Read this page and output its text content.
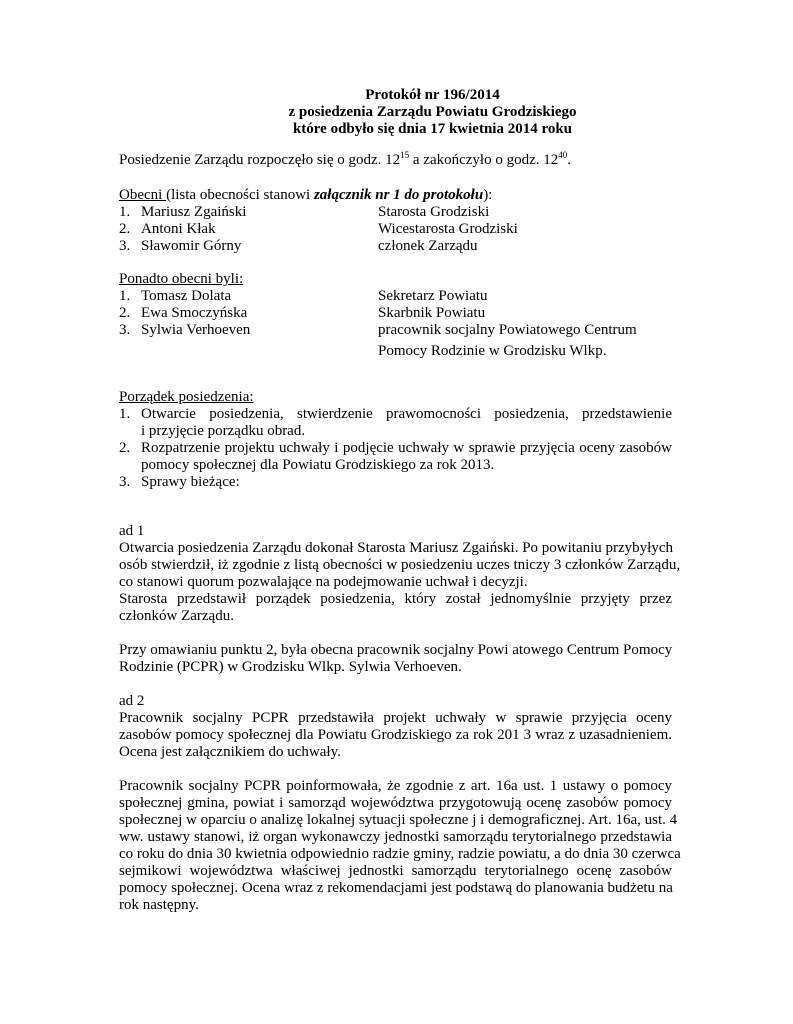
Protokół nr 196/2014
z posiedzenia Zarządu Powiatu Grodziskiego
które odbyło się dnia 17 kwietnia 2014 roku
Posiedzenie Zarządu rozpoczęło się o godz. $12^{15}$ a zakończyło o godz. $12^{40}$.
Obecni (lista obecności stanowi załącznik nr 1 do protokołu):
1. Mariusz Zgaiński	Starosta Grodziski
2. Antoni Kłak	Wicestarosta Grodziski
3. Sławomir Górny	członek Zarządu
Ponadto obecni byli:
1. Tomasz Dolata	Sekretarz Powiatu
2. Ewa Smoczyńska	Skarbnik Powiatu
3. Sylwia Verhoeven	pracownik socjalny Powiatowego Centrum
Pomocy Rodzinie w Grodzisku Wlkp.
Porządek posiedzenia:
1. Otwarcie posiedzenia, stwierdzenie prawomocności posiedzenia, przedstawienie
i przyjęcie porządku obrad.
2. Rozpatrzenie projektu uchwały i podjęcie uchwały w sprawie przyjęcia oceny zasobów
pomocy społecznej dla Powiatu Grodziskiego za rok 2013.
3. Sprawy bieżące:
ad 1
Otwarcia posiedzenia Zarządu dokonał Starosta Mariusz Zgaiński. Po powitaniu przybyłych
osób stwierdził, iż zgodnie z listą obecności w posiedzeniu uczes tniczy 3 członków Zarządu,
co stanowi quorum pozwalające na podejmowanie uchwał i decyzji.
Starosta przedstawił porządek posiedzenia, który został jednomyślnie przyjęty przez
członków Zarządu.
Przy omawianiu punktu 2, była obecna pracownik socjalny Powi atowego Centrum Pomocy
Rodzinie (PCPR) w Grodzisku Wlkp. Sylwia Verhoeven.
ad 2
Pracownik socjalny PCPR przedstawiła projekt uchwały w sprawie przyjęcia oceny
zasobów pomocy społecznej dla Powiatu Grodziskiego za rok 201 3 wraz z uzasadnieniem.
Ocena jest załącznikiem do uchwały.
Pracownik socjalny PCPR poinformowała, że zgodnie z art. 16a ust. 1 ustawy o pomocy
społecznej gmina, powiat i samorząd województwa przygotowują ocenę zasobów pomocy
społecznej w oparciu o analizę lokalnej sytuacji społeczne j i demograficznej. Art. 16a, ust. 4
ww. ustawy stanowi, iż organ wykonawczy jednostki samorządu terytorialnego przedstawia
co roku do dnia 30 kwietnia odpowiednio radzie gminy, radzie powiatu, a do dnia 30 czerwca
sejmikowi województwa właściwej jednostki samorządu terytorialnego ocenę zasobów
pomocy społecznej. Ocena wraz z rekomendacjami jest podstawą do planowania budżetu na
rok następny.
